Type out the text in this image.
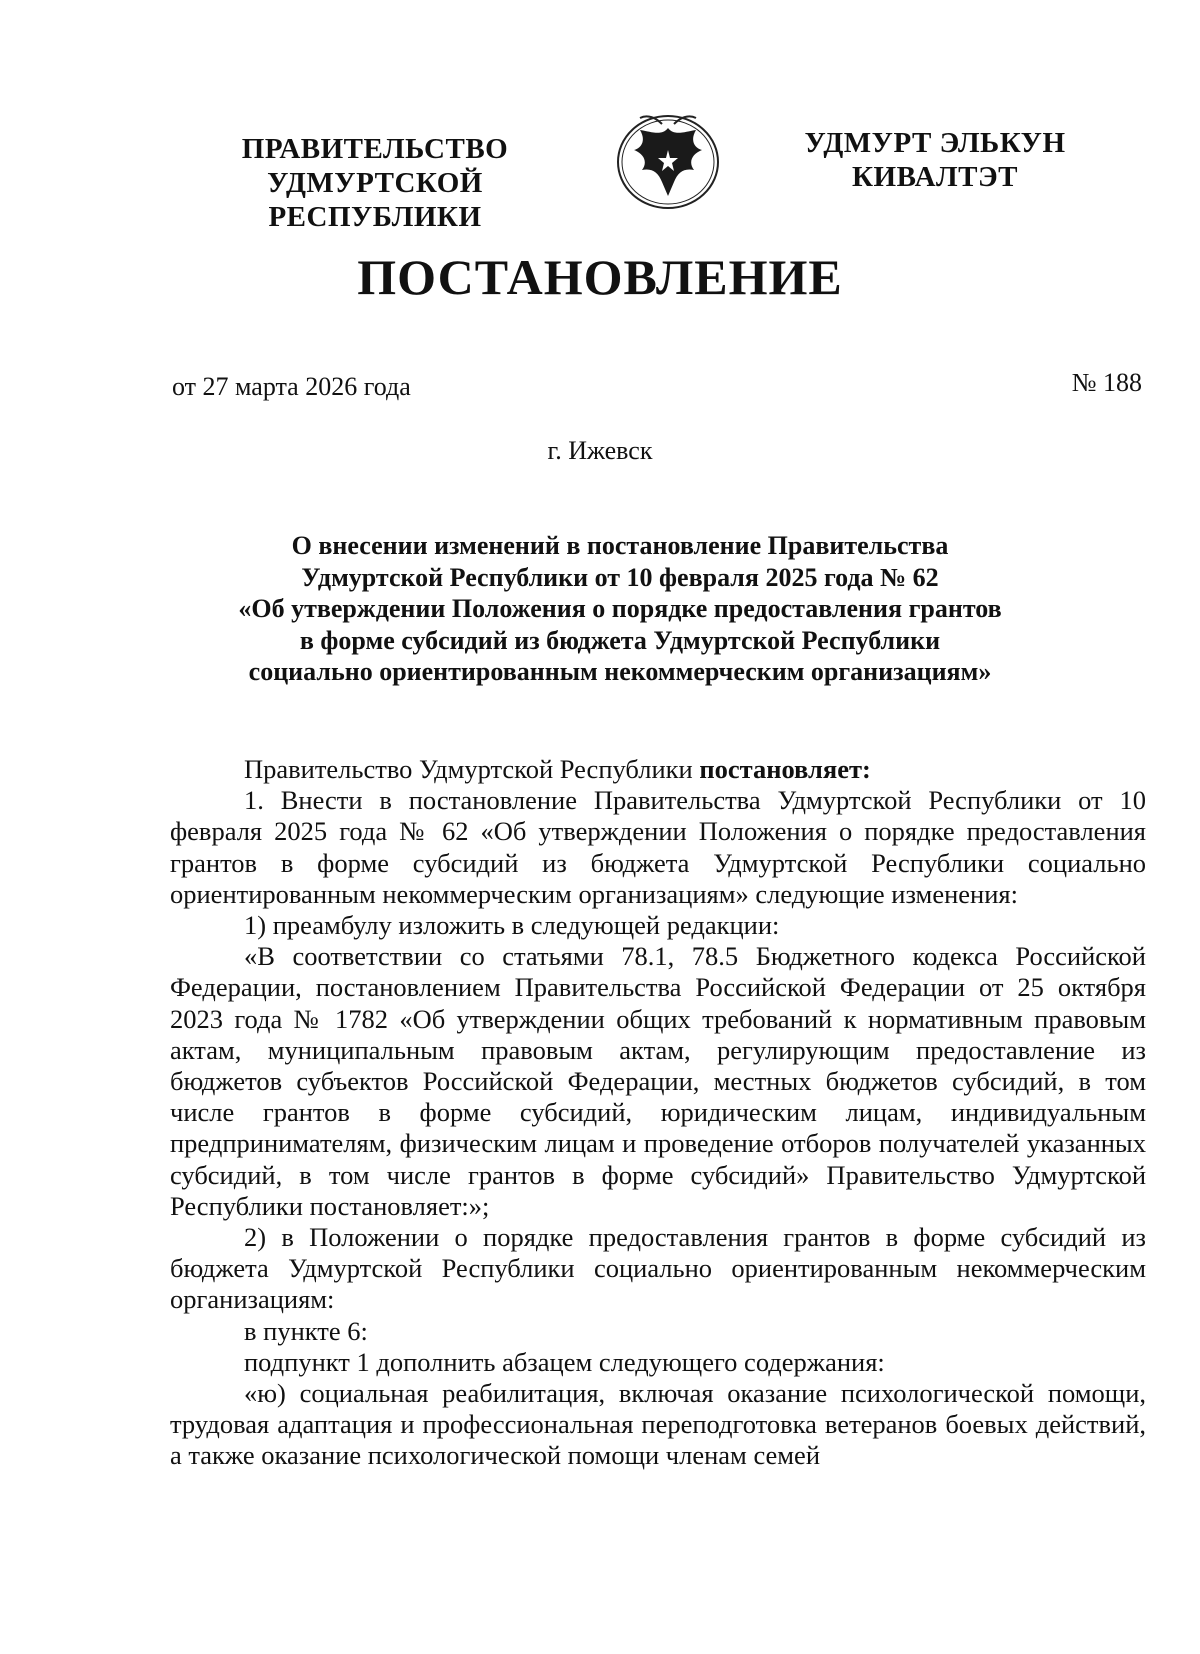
ПРАВИТЕЛЬСТВО
УДМУРТСКОЙ РЕСПУБЛИКИ
УДМУРТ ЭЛЬКУН
КИВАЛТЭТ
ПОСТАНОВЛЕНИЕ
от 27 марта 2026 года	№ 188
г. Ижевск
О внесении изменений в постановление Правительства
Удмуртской Республики от 10 февраля 2025 года № 62
«Об утверждении Положения о порядке предоставления грантов
в форме субсидий из бюджета Удмуртской Республики
социально ориентированным некоммерческим организациям»

Правительство Удмуртской Республики постановляет:

1. Внести в постановление Правительства Удмуртской Республики от 10 февраля 2025 года № 62 «Об утверждении Положения о порядке предоставления грантов в форме субсидий из бюджета Удмуртской Республики социально ориентированным некоммерческим организациям» следующие изменения:

1) преамбулу изложить в следующей редакции:

«В соответствии со статьями 78.1, 78.5 Бюджетного кодекса Российской Федерации, постановлением Правительства Российской Федерации от 25 октября 2023 года № 1782 «Об утверждении общих требований к нормативным правовым актам, муниципальным правовым актам, регулирующим предоставление из бюджетов субъектов Российской Федерации, местных бюджетов субсидий, в том числе грантов в форме субсидий, юридическим лицам, индивидуальным предпринимателям, физическим лицам и проведение отборов получателей указанных субсидий, в том числе грантов в форме субсидий» Правительство Удмуртской Республики постановляет:»;

2) в Положении о порядке предоставления грантов в форме субсидий из бюджета Удмуртской Республики социально ориентированным некоммерческим организациям:

в пункте 6:

подпункт 1 дополнить абзацем следующего содержания:

«ю) социальная реабилитация, включая оказание психологической помощи, трудовая адаптация и профессиональная переподготовка ветеранов боевых действий, а также оказание психологической помощи членам семей
